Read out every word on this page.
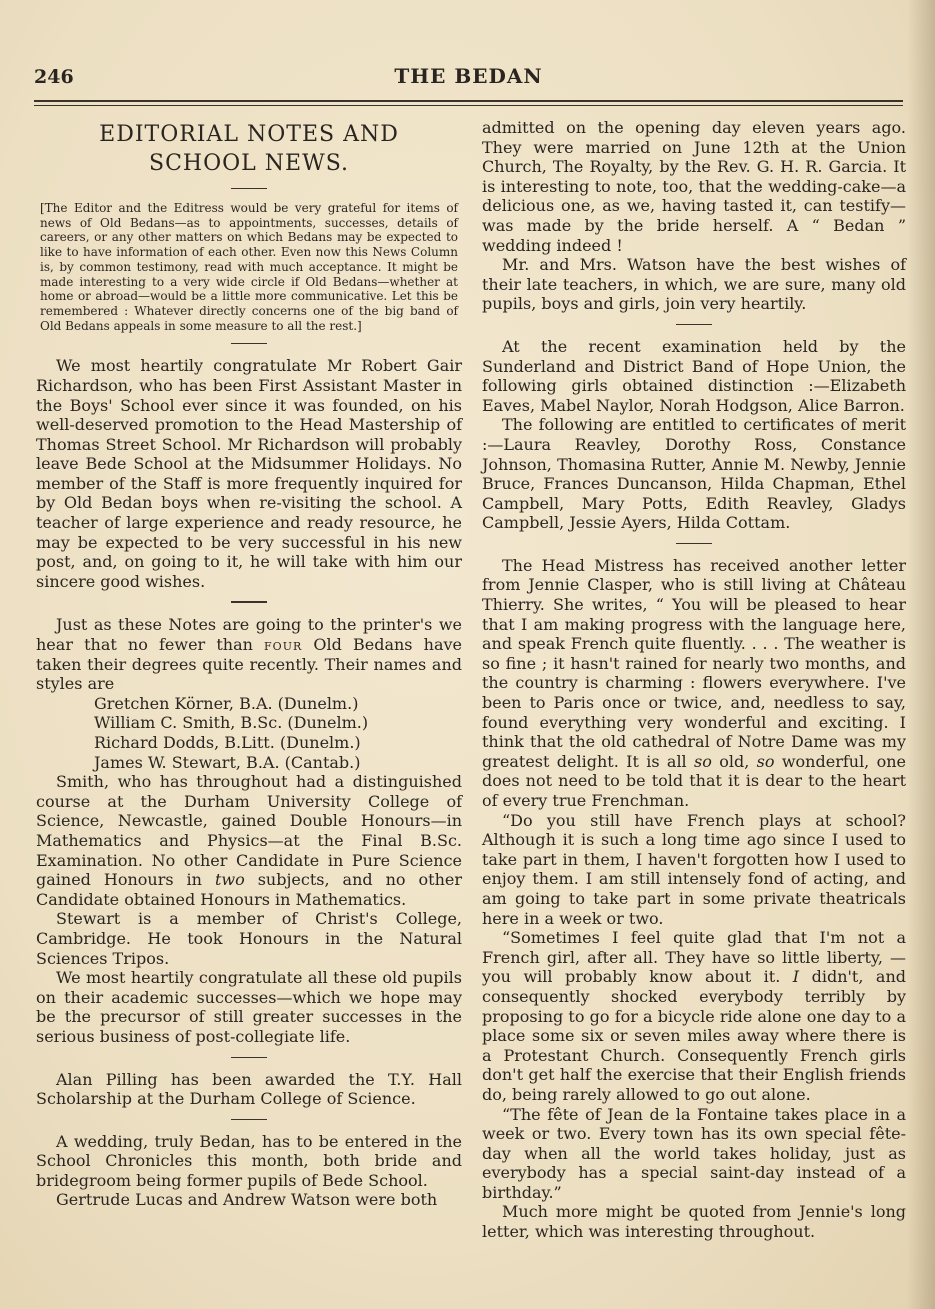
246	THE BEDAN
EDITORIAL NOTES AND
SCHOOL NEWS.

[The Editor and the Editress would be very grateful for items of news of Old Bedans—as to appointments, successes, details of careers, or any other matters on which Bedans may be expected to like to have information of each other. Even now this News Column is, by common testimony, read with much acceptance. It might be made interesting to a very wide circle if Old Bedans—whether at home or abroad—would be a little more communicative. Let this be remembered : Whatever directly concerns one of the big band of Old Bedans appeals in some measure to all the rest.]

We most heartily congratulate Mr Robert Gair Richardson, who has been First Assistant Master in the Boys' School ever since it was founded, on his well-deserved promotion to the Head Mastership of Thomas Street School. Mr Richardson will probably leave Bede School at the Midsummer Holidays. No member of the Staff is more frequently inquired for by Old Bedan boys when re-visiting the school. A teacher of large experience and ready resource, he may be expected to be very successful in his new post, and, on going to it, he will take with him our sincere good wishes.

Just as these Notes are going to the printer's we hear that no fewer than four Old Bedans have taken their degrees quite recently. Their names and styles are

Gretchen Körner, B.A. (Dunelm.)
William C. Smith, B.Sc. (Dunelm.)
Richard Dodds, B.Litt. (Dunelm.)
James W. Stewart, B.A. (Cantab.)

Smith, who has throughout had a distinguished course at the Durham University College of Science, Newcastle, gained Double Honours—in Mathematics and Physics—at the Final B.Sc. Examination. No other Candidate in Pure Science gained Honours in two subjects, and no other Candidate obtained Honours in Mathematics.

Stewart is a member of Christ's College, Cambridge. He took Honours in the Natural Sciences Tripos.

We most heartily congratulate all these old pupils on their academic successes—which we hope may be the precursor of still greater successes in the serious business of post-collegiate life.

Alan Pilling has been awarded the T.Y. Hall Scholarship at the Durham College of Science.

A wedding, truly Bedan, has to be entered in the School Chronicles this month, both bride and bridegroom being former pupils of Bede School.

Gertrude Lucas and Andrew Watson were both

admitted on the opening day eleven years ago. They were married on June 12th at the Union Church, The Royalty, by the Rev. G. H. R. Garcia. It is interesting to note, too, that the wedding-cake—a delicious one, as we, having tasted it, can testify—was made by the bride herself. A “ Bedan ” wedding indeed !

Mr. and Mrs. Watson have the best wishes of their late teachers, in which, we are sure, many old pupils, boys and girls, join very heartily.

At the recent examination held by the Sunderland and District Band of Hope Union, the following girls obtained distinction :—Elizabeth Eaves, Mabel Naylor, Norah Hodgson, Alice Barron.

The following are entitled to certificates of merit :—Laura Reavley, Dorothy Ross, Constance Johnson, Thomasina Rutter, Annie M. Newby, Jennie Bruce, Frances Duncanson, Hilda Chapman, Ethel Campbell, Mary Potts, Edith Reavley, Gladys Campbell, Jessie Ayers, Hilda Cottam.

The Head Mistress has received another letter from Jennie Clasper, who is still living at Château Thierry. She writes, “ You will be pleased to hear that I am making progress with the language here, and speak French quite fluently. . . . The weather is so fine ; it hasn't rained for nearly two months, and the country is charming : flowers everywhere. I've been to Paris once or twice, and, needless to say, found everything very wonderful and exciting. I think that the old cathedral of Notre Dame was my greatest delight. It is all so old, so wonderful, one does not need to be told that it is dear to the heart of every true Frenchman.

“Do you still have French plays at school? Although it is such a long time ago since I used to take part in them, I haven't forgotten how I used to enjoy them. I am still intensely fond of acting, and am going to take part in some private theatricals here in a week or two.

“Sometimes I feel quite glad that I'm not a French girl, after all. They have so little liberty, —you will probably know about it. I didn't, and consequently shocked everybody terribly by proposing to go for a bicycle ride alone one day to a place some six or seven miles away where there is a Protestant Church. Consequently French girls don't get half the exercise that their English friends do, being rarely allowed to go out alone.

“The fête of Jean de la Fontaine takes place in a week or two. Every town has its own special fête-day when all the world takes holiday, just as everybody has a special saint-day instead of a birthday.”

Much more might be quoted from Jennie's long letter, which was interesting throughout.
